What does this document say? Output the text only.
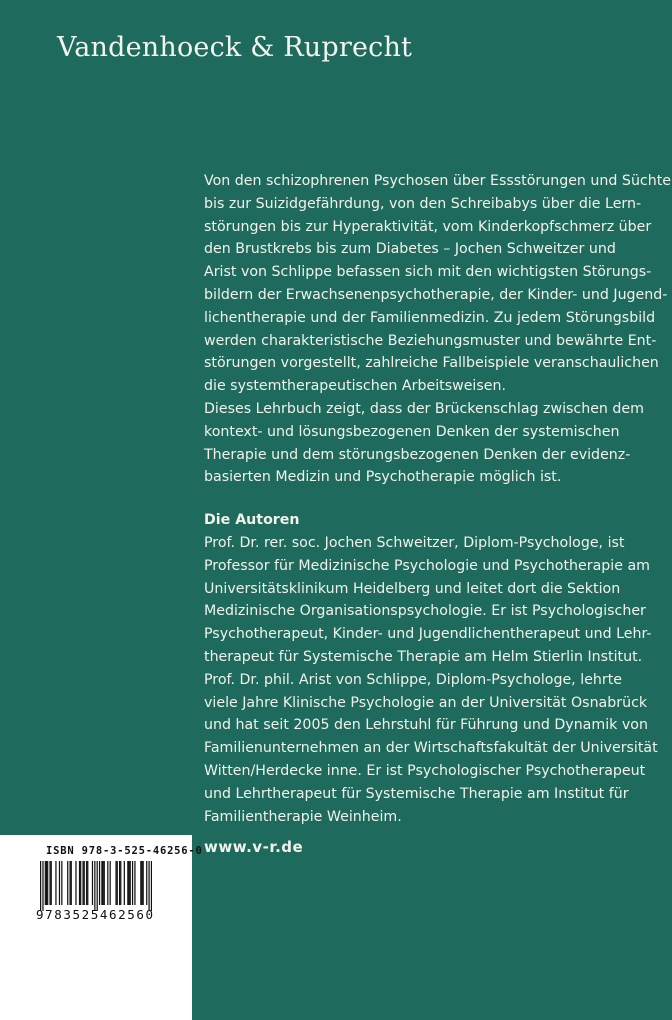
Vandenhoeck & Ruprecht

Von den schizophrenen Psychosen über Essstörungen und Süchte
bis zur Suizidgefährdung, von den Schreibabys über die Lern-
störungen bis zur Hyperaktivität, vom Kinderkopfschmerz über
den Brustkrebs bis zum Diabetes – Jochen Schweitzer und
Arist von Schlippe befassen sich mit den wichtigsten Störungs-
bildern der Erwachsenenpsychotherapie, der Kinder- und Jugend-
lichentherapie und der Familienmedizin. Zu jedem Störungsbild
werden charakteristische Beziehungsmuster und bewährte Ent-
störungen vorgestellt, zahlreiche Fallbeispiele veranschaulichen
die systemtherapeutischen Arbeitsweisen.

Dieses Lehrbuch zeigt, dass der Brückenschlag zwischen dem
kontext- und lösungsbezogenen Denken der systemischen
Therapie und dem störungsbezogenen Denken der evidenz-
basierten Medizin und Psychotherapie möglich ist.

Die Autoren

Prof. Dr. rer. soc. Jochen Schweitzer, Diplom-Psychologe, ist
Professor für Medizinische Psychologie und Psychotherapie am
Universitätsklinikum Heidelberg und leitet dort die Sektion
Medizinische Organisationspsychologie. Er ist Psychologischer
Psychotherapeut, Kinder- und Jugendlichentherapeut und Lehr-
therapeut für Systemische Therapie am Helm Stierlin Institut.

Prof. Dr. phil. Arist von Schlippe, Diplom-Psychologe, lehrte
viele Jahre Klinische Psychologie an der Universität Osnabrück
und hat seit 2005 den Lehrstuhl für Führung und Dynamik von
Familienunternehmen an der Wirtschaftsfakultät der Universität
Witten/Herdecke inne. Er ist Psychologischer Psychotherapeut
und Lehrtherapeut für Systemische Therapie am Institut für
Familientherapie Weinheim.

www.v-r.de
ISBN 978-3-525-46256-0
9783525462560
